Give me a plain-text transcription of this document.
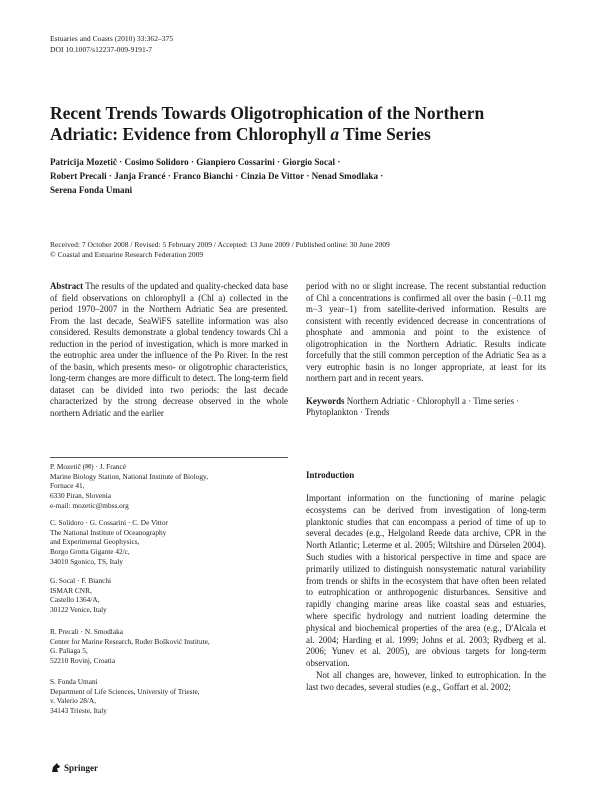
Estuaries and Coasts (2010) 33:362–375
DOI 10.1007/s12237-009-9191-7
Recent Trends Towards Oligotrophication of the Northern
Adriatic: Evidence from Chlorophyll a Time Series
Patricija Mozetič · Cosimo Solidoro · Gianpiero Cossarini · Giorgio Socal ·
Robert Precali · Janja Francé · Franco Bianchi · Cinzia De Vittor · Nenad Smodlaka ·
Serena Fonda Umani
Received: 7 October 2008 / Revised: 5 February 2009 / Accepted: 13 June 2009 / Published online: 30 June 2009
© Coastal and Estuarine Research Federation 2009
Abstract The results of the updated and quality-checked data base of field observations on chlorophyll a (Chl a) collected in the period 1970–2007 in the Northern Adriatic Sea are presented. From the last decade, SeaWiFS satellite information was also considered. Results demonstrate a global tendency towards Chl a reduction in the period of investigation, which is more marked in the eutrophic area under the influence of the Po River. In the rest of the basin, which presents meso- or oligotrophic characteristics, long-term changes are more difficult to detect. The long-term field dataset can be divided into two periods: the last decade characterized by the strong decrease observed in the whole northern Adriatic and the earlier
period with no or slight increase. The recent substantial reduction of Chl a concentrations is confirmed all over the basin (−0.11 mg m−3 year−1) from satellite-derived information. Results are consistent with recently evidenced decrease in concentrations of phosphate and ammonia and point to the existence of oligotrophication in the Northern Adriatic. Results indicate forcefully that the still common perception of the Adriatic Sea as a very eutrophic basin is no longer appropriate, at least for its northern part and in recent years.
Keywords Northern Adriatic · Chlorophyll a · Time series · Phytoplankton · Trends
P. Mozetič (✉) · J. Francé
Marine Biology Station, National Institute of Biology,
Fornace 41,
6330 Piran, Slovenia
e-mail: mozetic@mbss.org
C. Solidoro · G. Cossarini · C. De Vittor
The National Institute of Oceanography
and Experimental Geophysics,
Borgo Grotta Gigante 42/c,
34010 Sgonico, TS, Italy
G. Socal · F. Bianchi
ISMAR CNR,
Castello 1364/A,
30122 Venice, Italy
R. Precali · N. Smodlaka
Center for Marine Research, Ruđer Bošković Institute,
G. Paliaga 5,
52210 Rovinj, Croatia
S. Fonda Umani
Department of Life Sciences, University of Trieste,
v. Valerio 28/A,
34143 Trieste, Italy
Introduction
Important information on the functioning of marine pelagic ecosystems can be derived from investigation of long-term planktonic studies that can encompass a period of time of up to several decades (e.g., Helgoland Reede data archive, CPR in the North Atlantic; Leterme et al. 2005; Wiltshire and Dürselen 2004). Such studies with a historical perspective in time and space are primarily utilized to distinguish nonsystematic natural variability from trends or shifts in the ecosystem that have often been related to eutrophication or anthropogenic disturbances. Sensitive and rapidly changing marine areas like coastal seas and estuaries, where specific hydrology and nutrient loading determine the physical and biochemical properties of the area (e.g., D'Alcala et al. 2004; Harding et al. 1999; Johns et al. 2003; Rydberg et al. 2006; Yunev et al. 2005), are obvious targets for long-term observation.
Not all changes are, however, linked to eutrophication. In the last two decades, several studies (e.g., Goffart et al. 2002;
Springer
